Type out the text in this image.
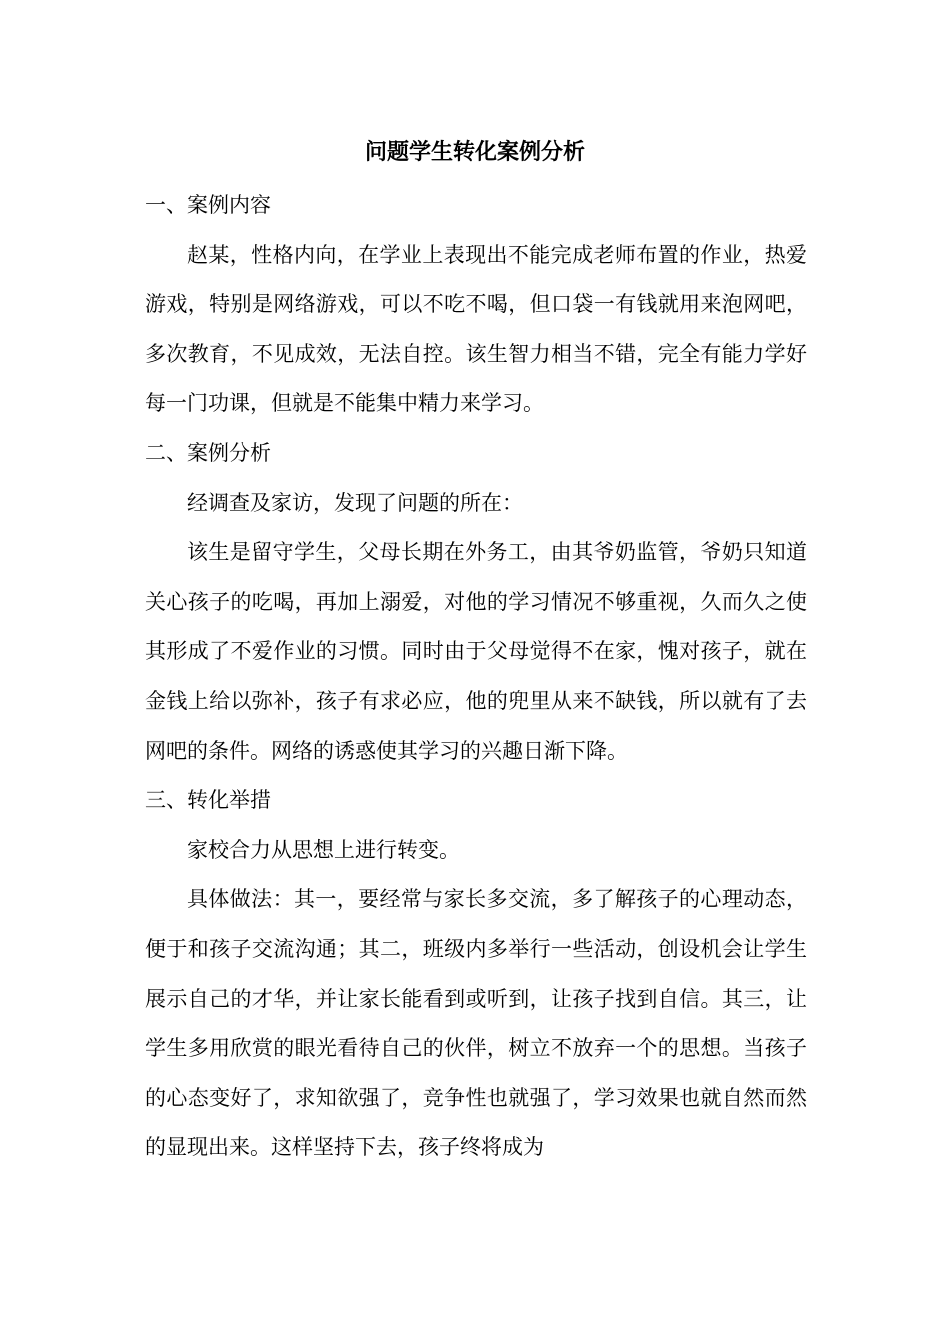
问题学生转化案例分析
一、案例内容

赵某，性格内向，在学业上表现出不能完成老师布置的作业，热爱游戏，特别是网络游戏，可以不吃不喝，但口袋一有钱就用来泡网吧，多次教育，不见成效，无法自控。该生智力相当不错，完全有能力学好每一门功课，但就是不能集中精力来学习。

二、案例分析

经调查及家访，发现了问题的所在：

该生是留守学生，父母长期在外务工，由其爷奶监管，爷奶只知道关心孩子的吃喝，再加上溺爱，对他的学习情况不够重视，久而久之使其形成了不爱作业的习惯。同时由于父母觉得不在家，愧对孩子，就在金钱上给以弥补，孩子有求必应，他的兜里从来不缺钱，所以就有了去网吧的条件。网络的诱惑使其学习的兴趣日渐下降。

三、转化举措

家校合力从思想上进行转变。

具体做法：其一，要经常与家长多交流，多了解孩子的心理动态，便于和孩子交流沟通；其二，班级内多举行一些活动，创设机会让学生展示自己的才华，并让家长能看到或听到，让孩子找到自信。其三，让学生多用欣赏的眼光看待自己的伙伴，树立不放弃一个的思想。当孩子的心态变好了，求知欲强了，竞争性也就强了，学习效果也就自然而然的显现出来。这样坚持下去，孩子终将成为
